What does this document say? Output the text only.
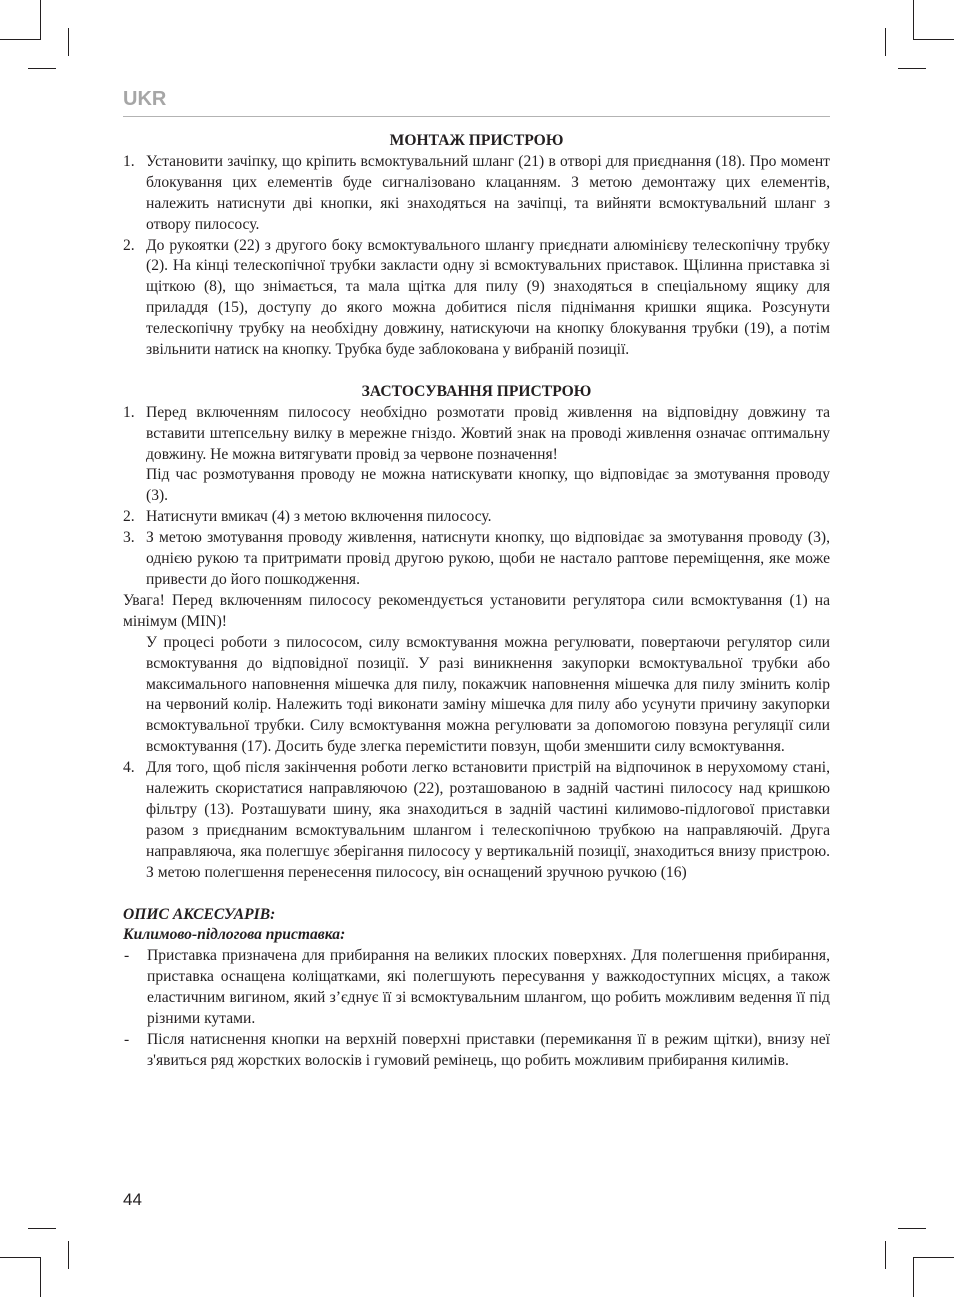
UKR

МОНТАЖ ПРИСТРОЮ

1. Установити зачіпку, що кріпить всмоктувальний шланг (21) в отворі для приєднання (18). Про момент блокування цих елементів буде сигналізовано клацанням. З метою демонтажу цих елементів, належить натиснути дві кнопки, які знаходяться на зачіпці, та вийняти всмоктувальний шланг з отвору пилососу.

2. До рукоятки (22) з другого боку всмоктувального шлангу приєднати алюмінієву телескопічну трубку (2). На кінці телескопічної трубки закласти одну зі всмоктувальних приставок. Щілинна приставка зі щіткою (8), що знімається, та мала щітка для пилу (9) знаходяться в спеціальному ящику для приладдя (15), доступу до якого можна добитися після піднімання кришки ящика. Розсунути телескопічну трубку на необхідну довжину, натискуючи на кнопку блокування трубки (19), а потім звільнити натиск на кнопку. Трубка буде заблокована у вибраній позиції.

ЗАСТОСУВАННЯ ПРИСТРОЮ

1. Перед включенням пилососу необхідно розмотати провід живлення на відповідну довжину та вставити штепсельну вилку в мережне гніздо. Жовтий знак на проводі живлення означає оптимальну довжину. Не можна витягувати провід за червоне позначення!

Під час розмотування проводу не можна натискувати кнопку, що відповідає за змотування проводу (3).

2. Натиснути вмикач (4) з метою включення пилососу.

3. З метою змотування проводу живлення, натиснути кнопку, що відповідає за змотування проводу (3), однією рукою та притримати провід другою рукою, щоби не настало раптове переміщення, яке може привести до його пошкодження.

Увага! Перед включенням пилососу рекомендується установити регулятора сили всмоктування (1) на мінімум (MIN)!

У процесі роботи з пилососом, силу всмоктування можна регулювати, повертаючи регулятор сили всмоктування до відповідної позиції. У разі виникнення закупорки всмоктувальної трубки або максимального наповнення мішечка для пилу, покажчик наповнення мішечка для пилу змінить колір на червоний колір. Належить тоді виконати заміну мішечка для пилу або усунути причину закупорки всмоктувальної трубки. Силу всмоктування можна регулювати за допомогою повзуна регуляції сили всмоктування (17). Досить буде злегка перемістити повзун, щоби зменшити силу всмоктування.

4. Для того, щоб після закінчення роботи легко встановити пристрій на відпочинок в нерухомому стані, належить скористатися направляючою (22), розташованою в задній частині пилососу над кришкою фільтру (13). Розташувати шину, яка знаходиться в задній частині килимово-підлогової приставки разом з приєднаним всмоктувальним шлангом і телескопічною трубкою на направляючій. Друга направляюча, яка полегшує зберігання пилососу у вертикальній позиції, знаходиться внизу пристрою. З метою полегшення перенесення пилососу, він оснащений зручною ручкою (16)

ОПИС АКСЕСУАРІВ:

Килимово-підлогова приставка:

-	Приставка призначена для прибирання на великих плоских поверхнях. Для полегшення прибирання, приставка оснащена коліщатками, які полегшують пересування у важкодоступних місцях, а також еластичним вигином, який з’єднує її зі всмоктувальним шлангом, що робить можливим ведення її під різними кутами.

-	Після натиснення кнопки на верхній поверхні приставки (перемикання її в режим щітки), внизу неї з'явиться ряд жорстких волосків і гумовий ремінець, що робить можливим прибирання килимів.

44
